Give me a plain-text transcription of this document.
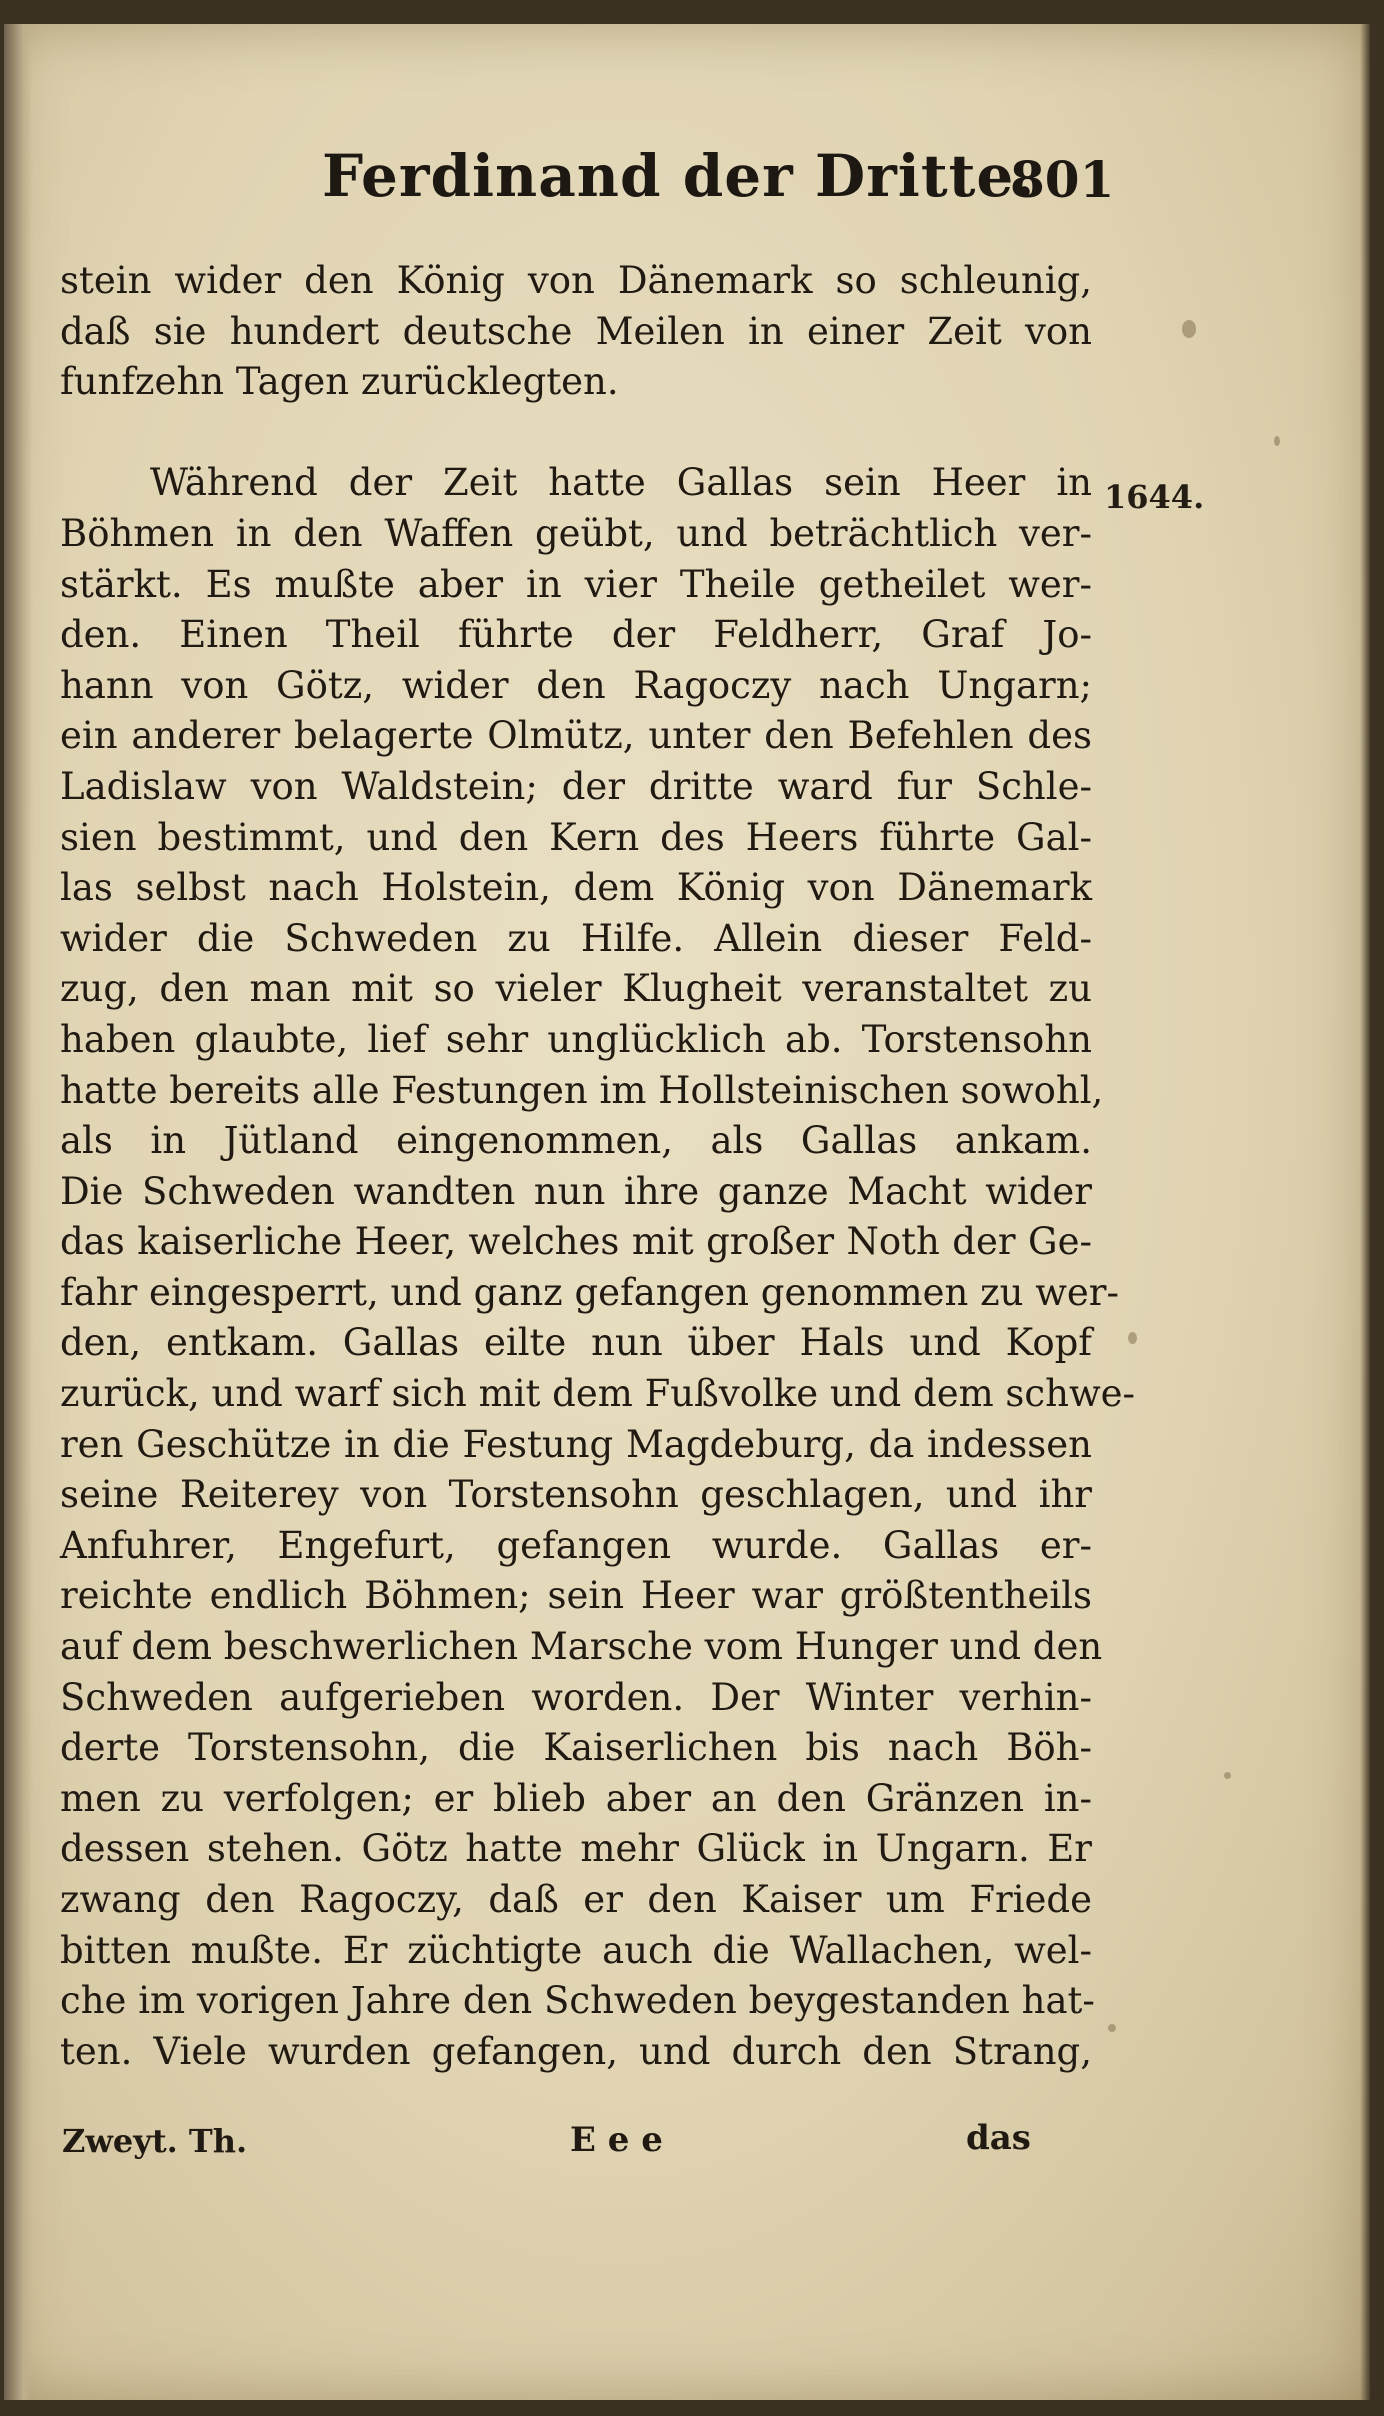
Ferdinand der Dritte.
801
stein wider den König von Dänemark so schleunig,
daß sie hundert deutsche Meilen in einer Zeit von
funfzehn Tagen zurücklegten.
Während der Zeit hatte Gallas sein Heer in
Böhmen in den Waffen geübt, und beträchtlich ver-
stärkt. Es mußte aber in vier Theile getheilet wer-
den. Einen Theil führte der Feldherr, Graf Jo-
hann von Götz, wider den Ragoczy nach Ungarn;
ein anderer belagerte Olmütz, unter den Befehlen des
Ladislaw von Waldstein; der dritte ward fur Schle-
sien bestimmt, und den Kern des Heers führte Gal-
las selbst nach Holstein, dem König von Dänemark
wider die Schweden zu Hilfe. Allein dieser Feld-
zug, den man mit so vieler Klugheit veranstaltet zu
haben glaubte, lief sehr unglücklich ab. Torstensohn
hatte bereits alle Festungen im Hollsteinischen sowohl,
als in Jütland eingenommen, als Gallas ankam.
Die Schweden wandten nun ihre ganze Macht wider
das kaiserliche Heer, welches mit großer Noth der Ge-
fahr eingesperrt, und ganz gefangen genommen zu wer-
den, entkam. Gallas eilte nun über Hals und Kopf
zurück, und warf sich mit dem Fußvolke und dem schwe-
ren Geschütze in die Festung Magdeburg, da indessen
seine Reiterey von Torstensohn geschlagen, und ihr
Anfuhrer, Engefurt, gefangen wurde. Gallas er-
reichte endlich Böhmen; sein Heer war größtentheils
auf dem beschwerlichen Marsche vom Hunger und den
Schweden aufgerieben worden. Der Winter verhin-
derte Torstensohn, die Kaiserlichen bis nach Böh-
men zu verfolgen; er blieb aber an den Gränzen in-
dessen stehen. Götz hatte mehr Glück in Ungarn. Er
zwang den Ragoczy, daß er den Kaiser um Friede
bitten mußte. Er züchtigte auch die Wallachen, wel-
che im vorigen Jahre den Schweden beygestanden hat-
ten. Viele wurden gefangen, und durch den Strang,
1644.
Zweyt. Th.	E e e	das
